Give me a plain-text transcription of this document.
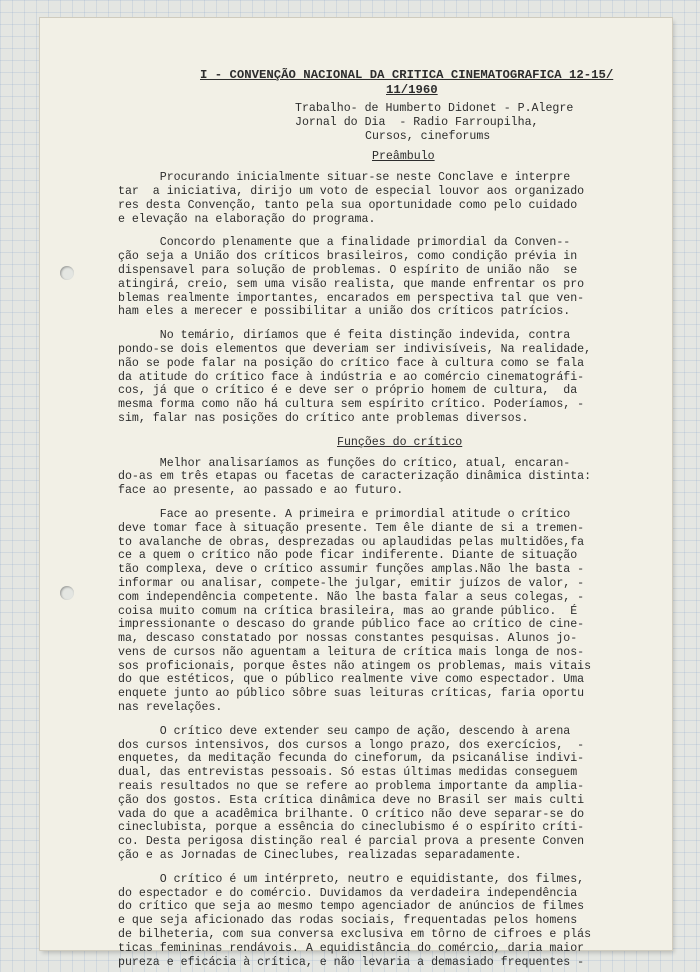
I - CONVENÇÃO NACIONAL DA CRITICA CINEMATOGRAFICA 12-15/
11/1960
Trabalho- de Humberto Didonet - P.Alegre
Jornal do Dia  - Radio Farroupilha,
Cursos, cineforums
Preâmbulo
Procurando inicialmente situar-se neste Conclave e interpre
tar  a iniciativa, dirijo um voto de especial louvor aos organizado
res desta Convenção, tanto pela sua oportunidade como pelo cuidado
e elevação na elaboração do programa.
Concordo plenamente que a finalidade primordial da Conven--
ção seja a União dos críticos brasileiros, como condição prévia in
dispensavel para solução de problemas. O espírito de união não  se
atingirá, creio, sem uma visão realista, que mande enfrentar os pro
blemas realmente importantes, encarados em perspectiva tal que ven-
ham eles a merecer e possibilitar a união dos críticos patrícios.
No temário, diríamos que é feita distinção indevida, contra
pondo-se dois elementos que deveriam ser indivisíveis, Na realidade,
não se pode falar na posição do crítico face à cultura como se fala
da atitude do crítico face à indústria e ao comércio cinematográfi-
cos, já que o crítico é e deve ser o próprio homem de cultura,  da
mesma forma como não há cultura sem espírito crítico. Poderíamos, -
sim, falar nas posições do crítico ante problemas diversos.
Funções do crítico
Melhor analisaríamos as funções do crítico, atual, encaran-
do-as em três etapas ou facetas de caracterização dinâmica distinta:
face ao presente, ao passado e ao futuro.
Face ao presente. A primeira e primordial atitude o crítico
deve tomar face à situação presente. Tem êle diante de si a tremen-
to avalanche de obras, desprezadas ou aplaudidas pelas multidões,fa
ce a quem o crítico não pode ficar indiferente. Diante de situação
tão complexa, deve o crítico assumir funções amplas.Não lhe basta -
informar ou analisar, compete-lhe julgar, emitir juízos de valor, -
com independência competente. Não lhe basta falar a seus colegas, -
coisa muito comum na crítica brasileira, mas ao grande público.  É
impressionante o descaso do grande público face ao crítico de cine-
ma, descaso constatado por nossas constantes pesquisas. Alunos jo-
vens de cursos não aguentam a leitura de crítica mais longa de nos-
sos proficionais, porque êstes não atingem os problemas, mais vitais
do que estéticos, que o público realmente vive como espectador. Uma
enquete junto ao público sôbre suas leituras críticas, faria oportu
nas revelações.
O crítico deve extender seu campo de ação, descendo à arena
dos cursos intensivos, dos cursos a longo prazo, dos exercícios,  -
enquetes, da meditação fecunda do cineforum, da psicanálise indivi-
dual, das entrevistas pessoais. Só estas últimas medidas conseguem
reais resultados no que se refere ao problema importante da amplia-
ção dos gostos. Esta crítica dinâmica deve no Brasil ser mais culti
vada do que a acadêmica brilhante. O crítico não deve separar-se do
cineclubista, porque a essência do cineclubismo é o espírito críti-
co. Desta perigosa distinção real é parcial prova a presente Conven
ção e as Jornadas de Cineclubes, realizadas separadamente.
O crítico é um intérpreto, neutro e equidistante, dos filmes,
do espectador e do comércio. Duvidamos da verdadeira independência
do crítico que seja ao mesmo tempo agenciador de anúncios de filmes
e que seja aficionado das rodas sociais, frequentadas pelos homens
de bilheteria, com sua conversa exclusiva em tôrno de cifroes e plás
ticas femininas rendávois. A equidistância do comércio, daria maior
pureza e eficácia à crítica, e não levaria a demasiado frequentes -
